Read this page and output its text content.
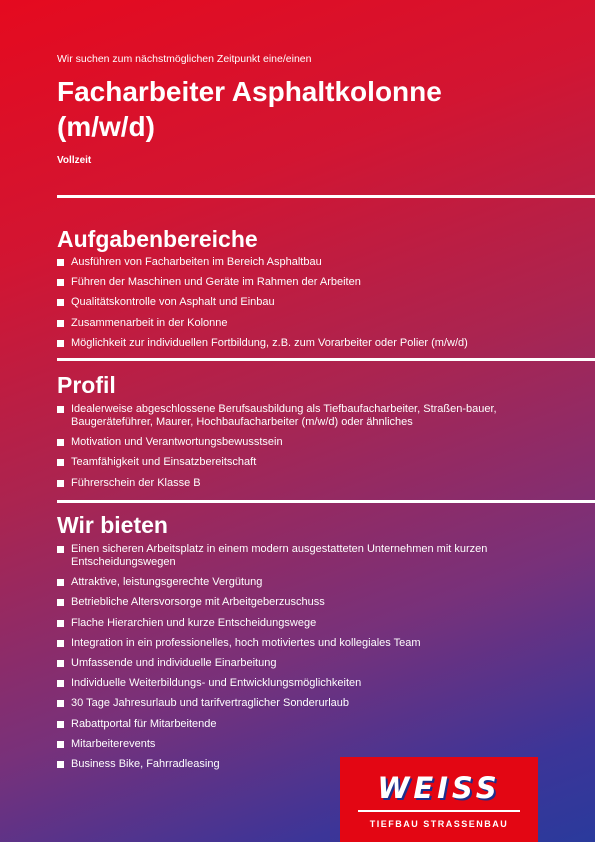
Wir suchen zum nächstmöglichen Zeitpunkt eine/einen
Facharbeiter Asphaltkolonne (m/w/d)
Vollzeit
Aufgabenbereiche
Ausführen von Facharbeiten im Bereich Asphaltbau
Führen der Maschinen und Geräte im Rahmen der Arbeiten
Qualitätskontrolle von Asphalt und Einbau
Zusammenarbeit in der Kolonne
Möglichkeit zur individuellen Fortbildung, z.B. zum Vorarbeiter oder Polier (m/w/d)
Profil
Idealerweise abgeschlossene Berufsausbildung als Tiefbaufacharbeiter, Straßen-bauer, Baugeräteführer, Maurer, Hochbaufacharbeiter (m/w/d) oder ähnliches
Motivation und Verantwortungsbewusstsein
Teamfähigkeit und Einsatzbereitschaft
Führerschein der Klasse B
Wir bieten
Einen sicheren Arbeitsplatz in einem modern ausgestatteten Unternehmen mit kurzen Entscheidungswegen
Attraktive, leistungsgerechte Vergütung
Betriebliche Altersvorsorge mit Arbeitgeberzuschuss
Flache Hierarchien und kurze Entscheidungswege
Integration in ein professionelles, hoch motiviertes und kollegiales Team
Umfassende und individuelle Einarbeitung
Individuelle Weiterbildungs- und Entwicklungsmöglichkeiten
30 Tage Jahresurlaub und tarifvertraglicher Sonderurlaub
Rabattportal für Mitarbeitende
Mitarbeiterevents
Business Bike, Fahrradleasing
WEISS
TIEFBAU STRASSENBAU
